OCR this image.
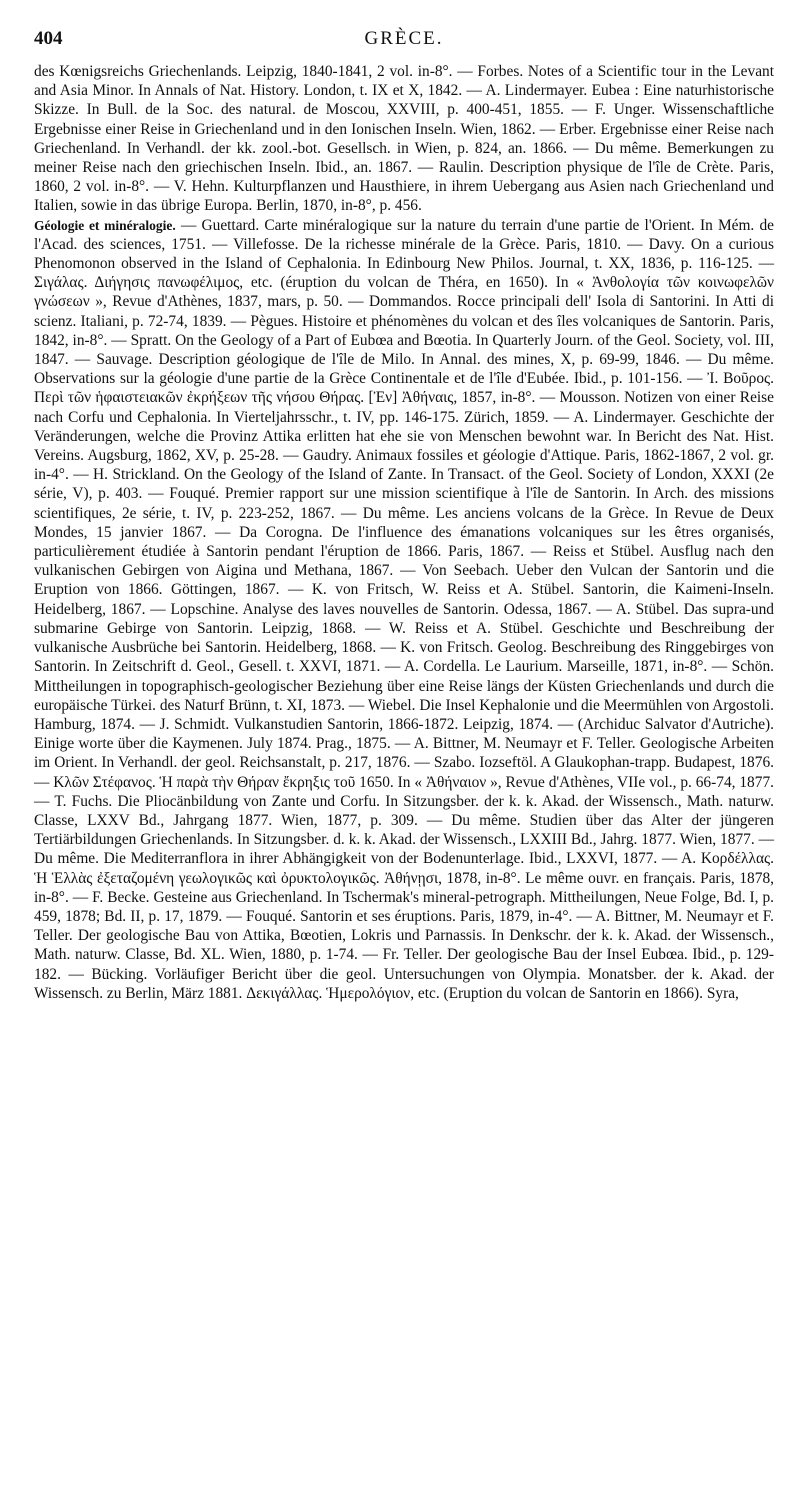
404	GRÈCE.

des Kœnigsreichs Griechenlands. Leipzig, 1840-1841, 2 vol. in-8°. — Forbes. Notes of a Scientific tour in the Levant and Asia Minor. In Annals of Nat. History. London, t. IX et X, 1842. — A. Lindermayer. Eubea : Eine naturhistorische Skizze. In Bull. de la Soc. des natural. de Moscou, XXVIII, p. 400-451, 1855. — F. Unger. Wissenschaftliche Ergebnisse einer Reise in Griechenland und in den Ionischen Inseln. Wien, 1862. — Erber. Ergebnisse einer Reise nach Griechenland. In Verhandl. der kk. zool.-bot. Gesellsch. in Wien, p. 824, an. 1866. — Du même. Bemerkungen zu meiner Reise nach den griechischen Inseln. Ibid., an. 1867. — Raulin. Description physique de l'île de Crète. Paris, 1860, 2 vol. in-8°. — V. Hehn. Kulturpflanzen und Hausthiere, in ihrem Uebergang aus Asien nach Griechenland und Italien, sowie in das übrige Europa. Berlin, 1870, in-8°, p. 456.

Géologie et minéralogie. — Guettard. Carte minéralogique sur la nature du terrain d'une partie de l'Orient. In Mém. de l'Acad. des sciences, 1751. — Villefosse. De la richesse minérale de la Grèce. Paris, 1810. — Davy. On a curious Phenomonon observed in the Island of Cephalonia. In Edinbourg New Philos. Journal, t. XX, 1836, p. 116-125. — Σιγάλας. Διήγησις πανωφέλιμος, etc. (éruption du volcan de Théra, en 1650). In « Ἀνθολογία τῶν κοινωφελῶν γνώσεων », Revue d'Athènes, 1837, mars, p. 50. — Dommandos. Rocce principali dell' Isola di Santorini. In Atti di scienz. Italiani, p. 72-74, 1839. — Pègues. Histoire et phénomènes du volcan et des îles volcaniques de Santorin. Paris, 1842, in-8°. — Spratt. On the Geology of a Part of Eubœa and Bœotia. In Quarterly Journ. of the Geol. Society, vol. III, 1847. — Sauvage. Description géologique de l'île de Milo. In Annal. des mines, X, p. 69-99, 1846. — Du même. Observations sur la géologie d'une partie de la Grèce Continentale et de l'île d'Eubée. Ibid., p. 101-156. — Ἰ. Βοῦρος. Περὶ τῶν ἡφαιστειακῶν ἐκρήξεων τῆς νήσου Θήρας. [Ἐν] Ἀθήναις, 1857, in-8°. — Mousson. Notizen von einer Reise nach Corfu und Cephalonia. In Vierteljahrsschr., t. IV, pp. 146-175. Zürich, 1859. — A. Lindermayer. Geschichte der Veränderungen, welche die Provinz Attika erlitten hat ehe sie von Menschen bewohnt war. In Bericht des Nat. Hist. Vereins. Augsburg, 1862, XV, p. 25-28. — Gaudry. Animaux fossiles et géologie d'Attique. Paris, 1862-1867, 2 vol. gr. in-4°. — H. Strickland. On the Geology of the Island of Zante. In Transact. of the Geol. Society of London, XXXI (2e série, V), p. 403. — Fouqué. Premier rapport sur une mission scientifique à l'île de Santorin. In Arch. des missions scientifiques, 2e série, t. IV, p. 223-252, 1867. — Du même. Les anciens volcans de la Grèce. In Revue de Deux Mondes, 15 janvier 1867. — Da Corogna. De l'influence des émanations volcaniques sur les êtres organisés, particulièrement étudiée à Santorin pendant l'éruption de 1866. Paris, 1867. — Reiss et Stübel. Ausflug nach den vulkanischen Gebirgen von Aigina und Methana, 1867. — Von Seebach. Ueber den Vulcan der Santorin und die Eruption von 1866. Göttingen, 1867. — K. von Fritsch, W. Reiss et A. Stübel. Santorin, die Kaimeni-Inseln. Heidelberg, 1867. — Lopschine. Analyse des laves nouvelles de Santorin. Odessa, 1867. — A. Stübel. Das supra-und submarine Gebirge von Santorin. Leipzig, 1868. — W. Reiss et A. Stübel. Geschichte und Beschreibung der vulkanische Ausbrüche bei Santorin. Heidelberg, 1868. — K. von Fritsch. Geolog. Beschreibung des Ringgebirges von Santorin. In Zeitschrift d. Geol., Gesell. t. XXVI, 1871. — A. Cordella. Le Laurium. Marseille, 1871, in-8°. — Schön. Mittheilungen in topographisch-geologischer Beziehung über eine Reise längs der Küsten Griechenlands und durch die europäische Türkei. des Naturf Brünn, t. XI, 1873. — Wiebel. Die Insel Kephalonie und die Meermühlen von Argostoli. Hamburg, 1874. — J. Schmidt. Vulkanstudien Santorin, 1866-1872. Leipzig, 1874. — (Archiduc Salvator d'Autriche). Einige worte über die Kaymenen. July 1874. Prag., 1875. — A. Bittner, M. Neumayr et F. Teller. Geologische Arbeiten im Orient. In Verhandl. der geol. Reichsanstalt, p. 217, 1876. — Szabo. Iozseftöl. A Glaukophan-trapp. Budapest, 1876. — Κλῶν Στέφανος. Ἡ παρὰ τὴν Θήραν ἔκρηξις τοῦ 1650. In « Ἀθήναιον », Revue d'Athènes, VIIe vol., p. 66-74, 1877. — T. Fuchs. Die Pliocänbildung von Zante und Corfu. In Sitzungsber. der k. k. Akad. der Wissensch., Math. naturw. Classe, LXXV Bd., Jahrgang 1877. Wien, 1877, p. 309. — Du même. Studien über das Alter der jüngeren Tertiärbildungen Griechenlands. In Sitzungsber. d. k. k. Akad. der Wissensch., LXXIII Bd., Jahrg. 1877. Wien, 1877. — Du même. Die Mediterranflora in ihrer Abhängigkeit von der Bodenunterlage. Ibid., LXXVI, 1877. — A. Κορδέλλας. Ἡ Ἑλλὰς ἐξεταζομένη γεωλογικῶς καὶ ὀρυκτολογικῶς. Ἀθήνῃσι, 1878, in-8°. Le même ouvr. en français. Paris, 1878, in-8°. — F. Becke. Gesteine aus Griechenland. In Tschermak's mineral-petrograph. Mittheilungen, Neue Folge, Bd. I, p. 459, 1878; Bd. II, p. 17, 1879. — Fouqué. Santorin et ses éruptions. Paris, 1879, in-4°. — A. Bittner, M. Neumayr et F. Teller. Der geologische Bau von Attika, Bœotien, Lokris und Parnassis. In Denkschr. der k. k. Akad. der Wissensch., Math. naturw. Classe, Bd. XL. Wien, 1880, p. 1-74. — Fr. Teller. Der geologische Bau der Insel Eubœa. Ibid., p. 129-182. — Bücking. Vorläufiger Bericht über die geol. Untersuchungen von Olympia. Monatsber. der k. Akad. der Wissensch. zu Berlin, März 1881. Δεκιγάλλας. Ἡμερολόγιον, etc. (Eruption du volcan de Santorin en 1866). Syra,
